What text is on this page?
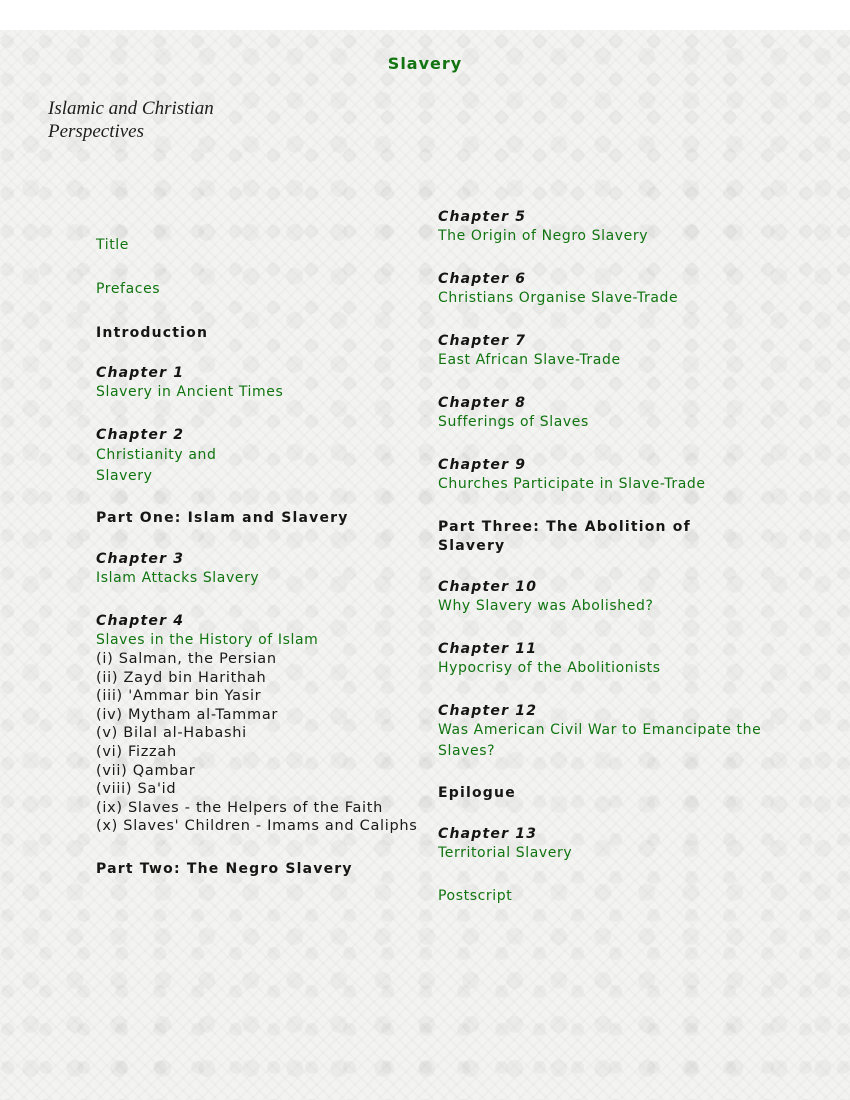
Slavery
Islamic and Christian
Perspectives
Title
Prefaces
Introduction
Chapter 1
Slavery in Ancient Times
Chapter 2
Christianity and
Slavery
Part One: Islam and Slavery
Chapter 3
Islam Attacks Slavery
Chapter 4
Slaves in the History of Islam
(i) Salman, the Persian
(ii) Zayd bin Harithah
(iii) 'Ammar bin Yasir
(iv) Mytham al-Tammar
(v) Bilal al-Habashi
(vi) Fizzah
(vii) Qambar
(viii) Sa'id
(ix) Slaves - the Helpers of the Faith
(x) Slaves' Children - Imams and Caliphs
Part Two: The Negro Slavery
Chapter 5
The Origin of Negro Slavery
Chapter 6
Christians Organise Slave-Trade
Chapter 7
East African Slave-Trade
Chapter 8
Sufferings of Slaves
Chapter 9
Churches Participate in Slave-Trade
Part Three: The Abolition of
Slavery
Chapter 10
Why Slavery was Abolished?
Chapter 11
Hypocrisy of the Abolitionists
Chapter 12
Was American Civil War to Emancipate the
Slaves?
Epilogue
Chapter 13
Territorial Slavery
Postscript
